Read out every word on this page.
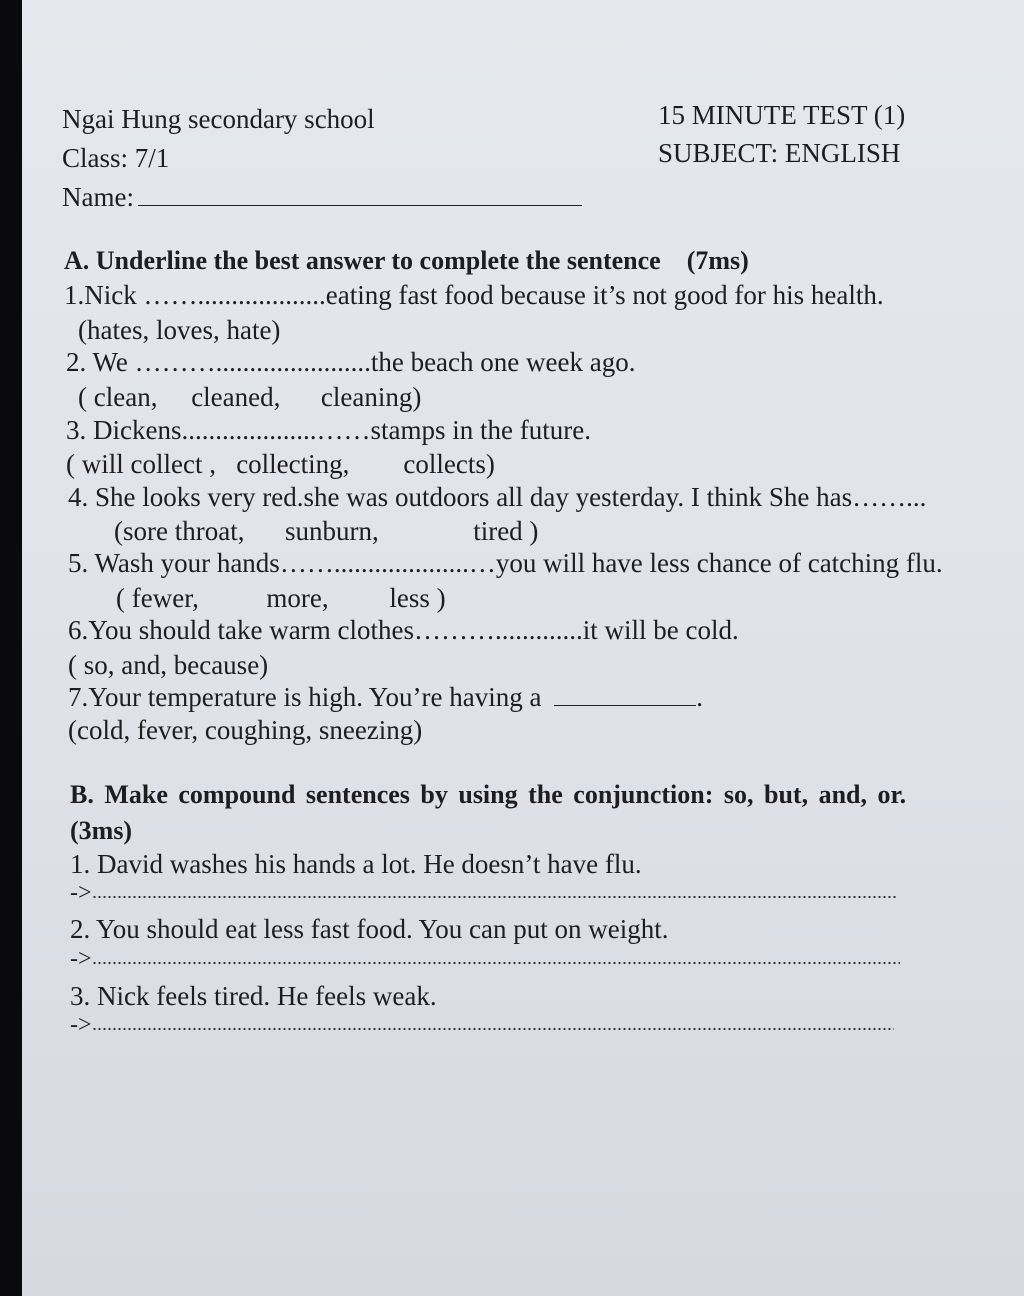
Ngai Hung secondary school
Class: 7/1
Name:
15 MINUTE TEST (1)
SUBJECT: ENGLISH
A. Underline the best answer to complete the sentence (7ms)
1.Nick ……...................eating fast food because it’s not good for his health.
(hates, loves, hate)
2. We ……….......................the beach one week ago.
( clean,     cleaned,      cleaning)
3. Dickens....................……stamps in the future.
( will collect ,   collecting,        collects)
4. She looks very red.she was outdoors all day yesterday. I think She has……...
(sore throat,      sunburn,              tired )
5. Wash your hands……....................…you will have less chance of catching flu.
( fewer,          more,         less )
6.You should take warm clothes……….............it will be cold.
( so, and, because)
7.Your temperature is high. You’re having a	.
(cold, fever, coughing, sneezing)
B. Make compound sentences by using the conjunction: so, but, and, or.
(3ms)
1. David washes his hands a lot. He doesn’t have flu.
->
2. You should eat less fast food. You can put on weight.
->
3. Nick feels tired. He feels weak.
->
